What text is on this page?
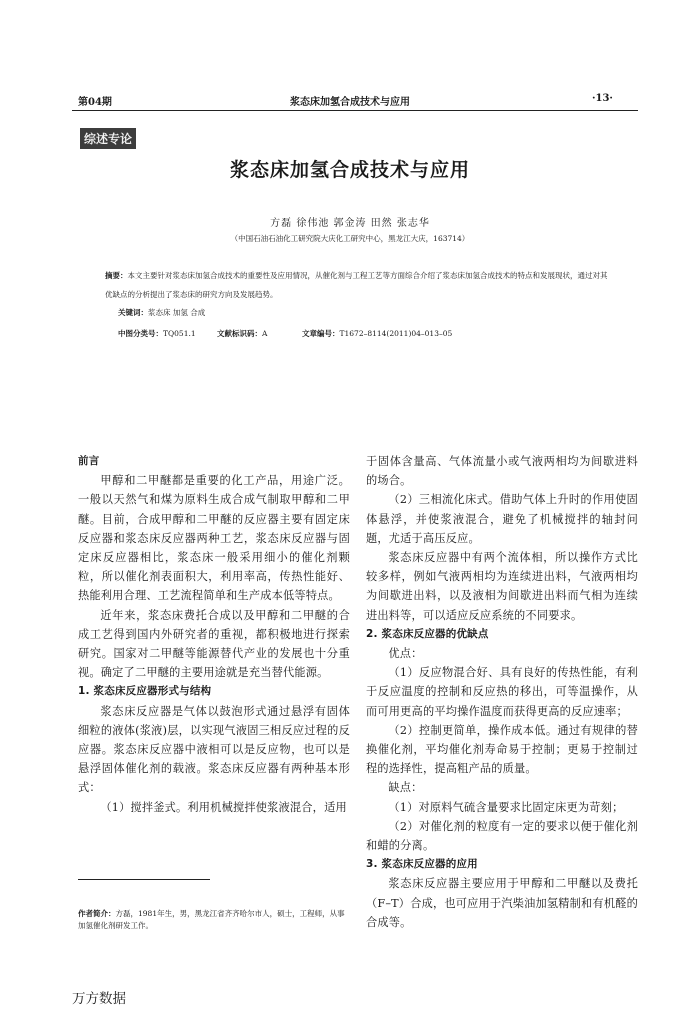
第04期	浆态床加氢合成技术与应用	·13·
综述专论
浆态床加氢合成技术与应用
方磊 徐伟池 郭金涛 田然 张志华
（中国石油石油化工研究院大庆化工研究中心，黑龙江大庆，163714）
摘要：本文主要针对浆态床加氢合成技术的重要性及应用情况，从催化剂与工程工艺等方面综合介绍了浆态床加氢合成技术的特点和发展现状，通过对其优缺点的分析提出了浆态床的研究方向及发展趋势。
关键词：浆态床 加氢 合成
中图分类号：TQ051.1	文献标识码：A	文章编号：T1672–8114(2011)04–013–05

前言

甲醇和二甲醚都是重要的化工产品，用途广泛。一般以天然气和煤为原料生成合成气制取甲醇和二甲醚。目前，合成甲醇和二甲醚的反应器主要有固定床反应器和浆态床反应器两种工艺，浆态床反应器与固定床反应器相比，浆态床一般采用细小的催化剂颗粒，所以催化剂表面积大，利用率高，传热性能好、热能利用合理、工艺流程简单和生产成本低等特点。

近年来，浆态床费托合成以及甲醇和二甲醚的合成工艺得到国内外研究者的重视，都积极地进行探索研究。国家对二甲醚等能源替代产业的发展也十分重视。确定了二甲醚的主要用途就是充当替代能源。

1. 浆态床反应器形式与结构

浆态床反应器是气体以鼓泡形式通过悬浮有固体细粒的液体(浆液)层，以实现气液固三相反应过程的反应器。浆态床反应器中液相可以是反应物，也可以是悬浮固体催化剂的载液。浆态床反应器有两种基本形式：

（1）搅拌釜式。利用机械搅拌使浆液混合，适用

于固体含量高、气体流量小或气液两相均为间歇进料的场合。

（2）三相流化床式。借助气体上升时的作用使固体悬浮，并使浆液混合，避免了机械搅拌的轴封问题，尤适于高压反应。

浆态床反应器中有两个流体相，所以操作方式比较多样，例如气液两相均为连续进出料，气液两相均为间歇进出料，以及液相为间歇进出料而气相为连续进出料等，可以适应反应系统的不同要求。

2. 浆态床反应器的优缺点

优点：

（1）反应物混合好、具有良好的传热性能，有利于反应温度的控制和反应热的移出，可等温操作，从而可用更高的平均操作温度而获得更高的反应速率；

（2）控制更简单，操作成本低。通过有规律的替换催化剂，平均催化剂寿命易于控制；更易于控制过程的选择性，提高粗产品的质量。

缺点：

（1）对原料气硫含量要求比固定床更为苛刻；

（2）对催化剂的粒度有一定的要求以便于催化剂和蜡的分离。

3. 浆态床反应器的应用

浆态床反应器主要应用于甲醇和二甲醚以及费托（F–T）合成，也可应用于汽柴油加氢精制和有机醛的合成等。

作者简介：方磊，1981年生，男，黑龙江省齐齐哈尔市人，硕士，工程师，从事加氢催化剂研发工作。
万方数据
